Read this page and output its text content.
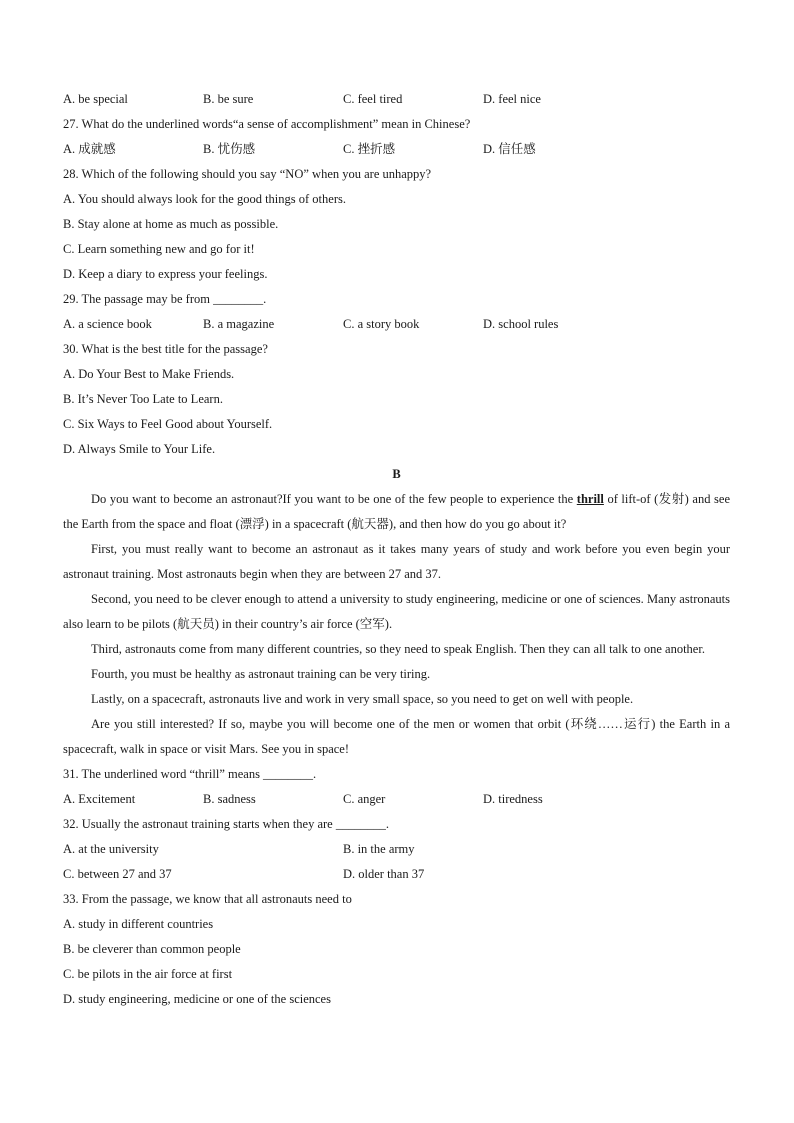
A. be special	B. be sure	C. feel tired	D. feel nice
27. What do the underlined words“a sense of accomplishment” mean in Chinese?
A. 成就感	B. 忧伤感	C. 挫折感	D. 信任感
28. Which of the following should you say “NO” when you are unhappy?
A. You should always look for the good things of others.
B. Stay alone at home as much as possible.
C. Learn something new and go for it!
D. Keep a diary to express your feelings.
29. The passage may be from ________.
A. a science book	B. a magazine	C. a story book	D. school rules
30. What is the best title for the passage?
A. Do Your Best to Make Friends.
B. It’s Never Too Late to Learn.
C. Six Ways to Feel Good about Yourself.
D. Always Smile to Your Life.
B
Do you want to become an astronaut?If you want to be one of the few people to experience the thrill of lift-of (发射) and see the Earth from the space and float (漂浮) in a spacecraft (航天器), and then how do you go about it?
First, you must really want to become an astronaut as it takes many years of study and work before you even begin your astronaut training. Most astronauts begin when they are between 27 and 37.
Second, you need to be clever enough to attend a university to study engineering, medicine or one of sciences. Many astronauts also learn to be pilots (航天员) in their country’s air force (空军).
Third, astronauts come from many different countries, so they need to speak English. Then they can all talk to one another.
Fourth, you must be healthy as astronaut training can be very tiring.
Lastly, on a spacecraft, astronauts live and work in very small space, so you need to get on well with people.
Are you still interested? If so, maybe you will become one of the men or women that orbit (环绕……运行) the Earth in a spacecraft, walk in space or visit Mars. See you in space!
31. The underlined word “thrill” means ________.
A. Excitement	B. sadness	C. anger	D. tiredness
32. Usually the astronaut training starts when they are ________.
A. at the university	B. in the army
C. between 27 and 37	D. older than 37
33. From the passage, we know that all astronauts need to
A. study in different countries
B. be cleverer than common people
C. be pilots in the air force at first
D. study engineering, medicine or one of the sciences
